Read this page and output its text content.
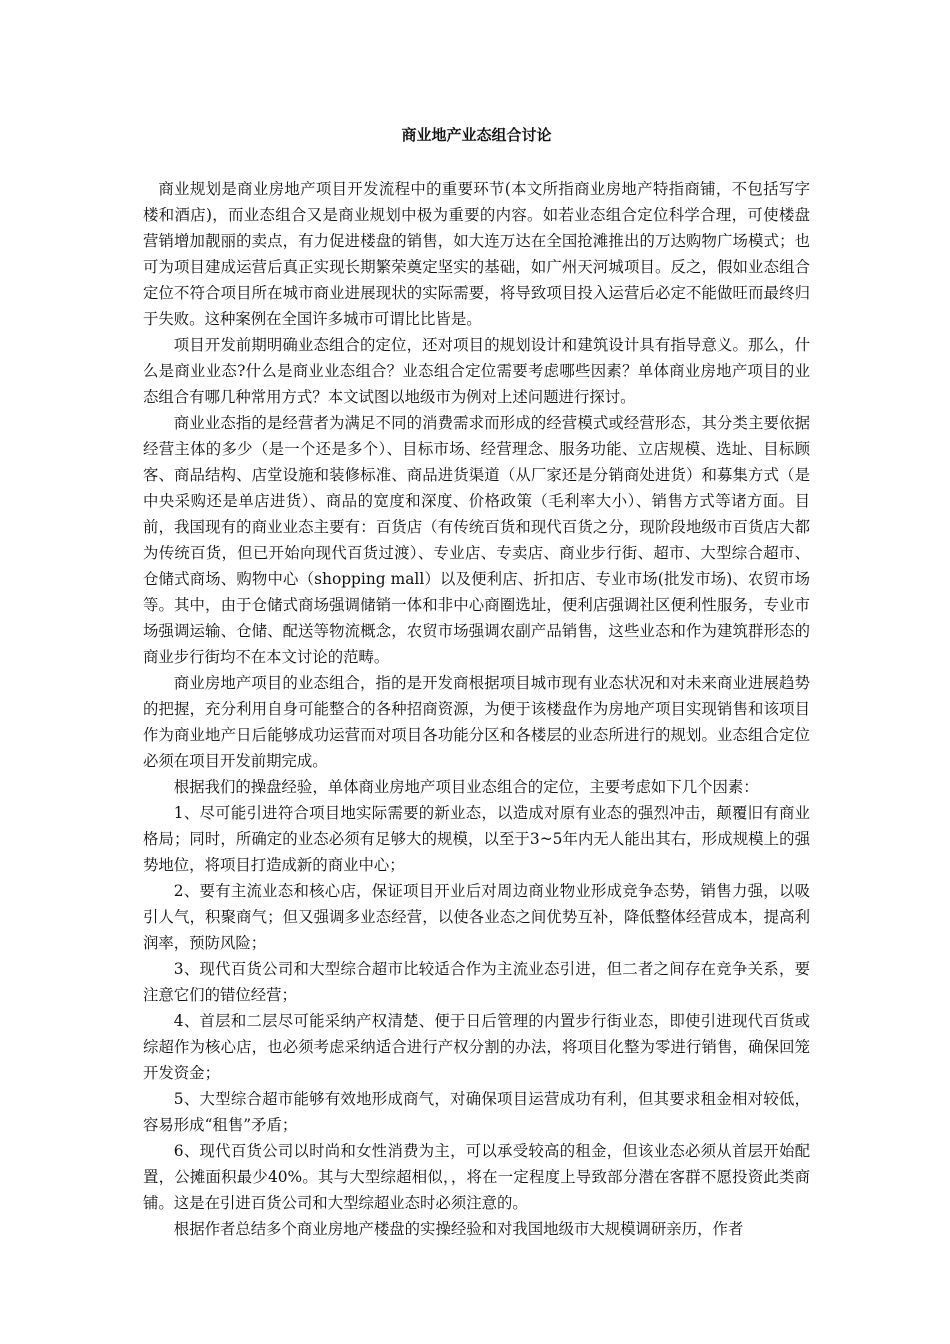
商业地产业态组合讨论

商业规划是商业房地产项目开发流程中的重要环节(本文所指商业房地产特指商铺，不包括写字楼和酒店)，而业态组合又是商业规划中极为重要的内容。如若业态组合定位科学合理，可使楼盘营销增加靓丽的卖点，有力促进楼盘的销售，如大连万达在全国抢滩推出的万达购物广场模式；也可为项目建成运营后真正实现长期繁荣奠定坚实的基础，如广州天河城项目。反之，假如业态组合定位不符合项目所在城市商业进展现状的实际需要，将导致项目投入运营后必定不能做旺而最终归于失败。这种案例在全国许多城市可谓比比皆是。

项目开发前期明确业态组合的定位，还对项目的规划设计和建筑设计具有指导意义。那么，什么是商业业态?什么是商业业态组合？业态组合定位需要考虑哪些因素？单体商业房地产项目的业态组合有哪几种常用方式？本文试图以地级市为例对上述问题进行探讨。

商业业态指的是经营者为满足不同的消费需求而形成的经营模式或经营形态，其分类主要依据经营主体的多少（是一个还是多个）、目标市场、经营理念、服务功能、立店规模、选址、目标顾客、商品结构、店堂设施和装修标准、商品进货渠道（从厂家还是分销商处进货）和募集方式（是中央采购还是单店进货）、商品的宽度和深度、价格政策（毛利率大小）、销售方式等诸方面。目前，我国现有的商业业态主要有：百货店（有传统百货和现代百货之分，现阶段地级市百货店大都为传统百货，但已开始向现代百货过渡）、专业店、专卖店、商业步行街、超市、大型综合超市、仓储式商场、购物中心（shopping mall）以及便利店、折扣店、专业市场(批发市场)、农贸市场等。其中，由于仓储式商场强调储销一体和非中心商圈选址，便利店强调社区便利性服务，专业市场强调运输、仓储、配送等物流概念，农贸市场强调农副产品销售，这些业态和作为建筑群形态的商业步行街均不在本文讨论的范畴。

商业房地产项目的业态组合，指的是开发商根据项目城市现有业态状况和对未来商业进展趋势的把握，充分利用自身可能整合的各种招商资源，为便于该楼盘作为房地产项目实现销售和该项目作为商业地产日后能够成功运营而对项目各功能分区和各楼层的业态所进行的规划。业态组合定位必须在项目开发前期完成。

根据我们的操盘经验，单体商业房地产项目业态组合的定位，主要考虑如下几个因素：

1、尽可能引进符合项目地实际需要的新业态，以造成对原有业态的强烈冲击，颠覆旧有商业格局；同时，所确定的业态必须有足够大的规模，以至于3~5年内无人能出其右，形成规模上的强势地位，将项目打造成新的商业中心；

2、要有主流业态和核心店，保证项目开业后对周边商业物业形成竞争态势，销售力强，以吸引人气，积聚商气；但又强调多业态经营，以使各业态之间优势互补，降低整体经营成本，提高利润率，预防风险；

3、现代百货公司和大型综合超市比较适合作为主流业态引进，但二者之间存在竞争关系，要注意它们的错位经营；

4、首层和二层尽可能采纳产权清楚、便于日后管理的内置步行街业态，即使引进现代百货或综超作为核心店，也必须考虑采纳适合进行产权分割的办法，将项目化整为零进行销售，确保回笼开发资金；

5、大型综合超市能够有效地形成商气，对确保项目运营成功有利，但其要求租金相对较低，容易形成“租售”矛盾；

6、现代百货公司以时尚和女性消费为主，可以承受较高的租金，但该业态必须从首层开始配置，公摊面积最少40%。其与大型综超相似，，将在一定程度上导致部分潜在客群不愿投资此类商铺。这是在引进百货公司和大型综超业态时必须注意的。

根据作者总结多个商业房地产楼盘的实操经验和对我国地级市大规模调研亲历，作者
